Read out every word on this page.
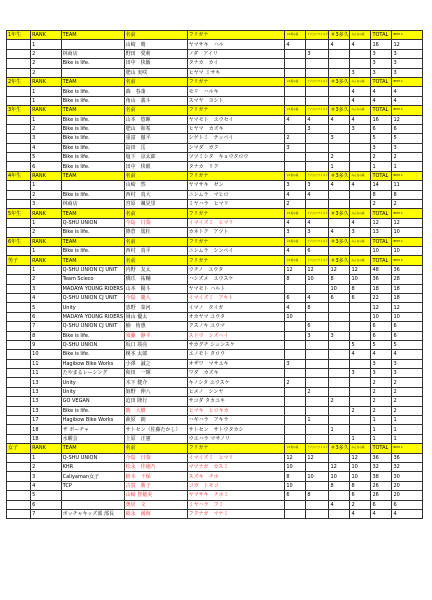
1年生	RANK	TEAM	名前	フリガナ	＃1熊の森	十六六六ワイルド	＃3多久	みんなの森	TOTAL	BEST 4
	1		山崎　晴	ヤマサキ　ハル	4		4	4	16	12
	2	林商店	野田　愛莉	ノダ　アイリ		3			3	3
	2	Bike is life.	田中　快飯	タナカ　カイ					3	3
	2		肥山 実咲	ヒヤマ ミサキ				3	3	3
2年生	RANK	TEAM	名前	フリガナ	＃1熊の森	十六六六ワイルド	＃3多久	みんなの森	TOTAL	BEST 4
	1	Bike is life.	森　春斎	モリ　ハルキ				4	4	4
	1	Bike is life.	角山　義斗	スマヤ　ヨシト				4	4	4
3年生	RANK	TEAM	名前	フリガナ	＃1熊の森	十六六六ワイルド	＃3多久	みんなの森	TOTAL	BEST 4
	1	Bike is life.	山本　悠暉	ヤマモト　ユウセイ	4	4	4	4	16	12
	2	Bike is life.	肥山　和希	ヒヤマ　カズキ		3		3	6	6
	3	Bike is life.	重富　徹平	シゲトミ　テッペイ	2		3		5	5
	4	Bike is life.	島田　岳	シマダ　ガク	3				3	3
	5	Bike is life.	塩下　京太郎	ツツミシタ　キョウタロウ			2		2	2
	6	Bike is life.	田中　快眼	タナカ　リク			1		1	1
4年生	RANK	TEAM	名前	フリガナ	＃1熊の森	十六六六ワイルド	＃3多久	みんなの森	TOTAL	BEST 4
	1		山崎　然	ヤマサキ　ゼン	3	3	4	4	14	11
	2	Bike is life.	西村　真大	ニシムラ　マヒロ	4	4			8	8
	3	林商店	宮原　颯晃里	ミヤハラ　ヒマリ	2				2	2
5年生	RANK	TEAM	名前	フリガナ	＃1熊の森	十六六六ワイルド	＃3多久	みんなの森	TOTAL	BEST 4
	1	Q-SHU UNION	今島　日葵	イマイズミ　ヒマリ	4	4		4	12	12
	2	Bike is life.	篠倉　篤杜	カネトク　アツト	3	3	4	3	13	10
6年生	RANK	TEAM	名前	フリガナ	＃1熊の森	十六六六ワイルド	＃3多久	みんなの森	TOTAL	BEST 4
	1	Bike is life.	西村　真平	ニシムラ　シンペイ	4	6			10	10
男子	RANK	TEAM	名前	フリガナ	＃1熊の森	十六六六ワイルド	＃3多久	みんなの森	TOTAL	BEST 4
	1	Q-SHU UNION CJ UNIT	内野　友太	ウチノ　ユウタ	12	12	12	12	48	36
	2	Team Scieco	橋爪　祐輔	ハシズメ　ユウスケ	8	10	8	10	36	28
	3	MADAYA YOUNG RIDERS	山本　陽斗	ヤマモト ハルト			10	8	18	18
	4	Q-SHU UNION CJ UNIT	今島　慶人	イマイズミ　アキト	6	4	6	6	22	18
	5	Unity	恵野　泰河	イマノ　タイガ	4	8			12	12
	6	MADAYA YOUNG RIDERS	岡山 優太	オカヤマ ユウタ	10				10	10
	7	Q-SHU UNION CJ UNIT	楠　侑惠	クスノキ ユウマ		6			6	6
	8	Bike is life.	須藤　静平	スドウ　シズヘイ		3	3		6	6
	9	Q-SHU UNION	坂口 竣亮	サカグチ シュンスケ				5	5	5
	10	Bike is life.	榎本 太郎	エノモト タロウ				4	4	4
	11	Hagibow Bike Works	小澤　誠之	オザワ　マサユキ	3				3	3
	11	たやまるレーシング	和田　一輝	ワダ　カズキ				3	3	3
	13	Unity	木下 健介	キノシタ ユウスケ	2				2	2
	13	Unity	姫野　伸八	ヒメノ　シンヤ		2			2	2
	13	GO VEGAN	迫田 隆行	サコダ タカユキ			2		2	2
	13	Bike is life.	暁　大樹	ヒマキ　ヒロキカ				2	2	2
	17	Hagibow Bike Works	萩原　朗	ハギハラ　アキラ		1			1	1
	18	ザ ボーチャ	サトセン（佐藤たかし）	サトセン　サトウタカシ			1		1	1
	18	水曜会	上原　正憲	ウエハラ マサノリ				1	1	1
女子	RANK	TEAM	名前	フリガナ	＃1熊の森	十六六六ワイルド	＃3多久	みんなの森	TOTAL	BEST 4
	1	Q-SHU UNION	今島　日葵	イマイズミ　ヒマリ	12	12		12	36	36
	2	KHR	松永　佳徳乃	マツナガ　カスミ	10		12	10	32	32
	3	Caliyaman女子	鈴木　千保	スズキ　チホ	8	10	10	10	38	30
	4	TCP	古賀　勝子	コガ　トモコ	10		8	8	26	20
	5		山崎 智穂美	ヤマサキ　チホミ	6	8		6	26	20
	6		奥居　文	ミヤハラ　フミ			4	2	6	6
	7	ボッチャキッズ部 部長	福永　満海	フクナガ　マナミ				4	4	4
